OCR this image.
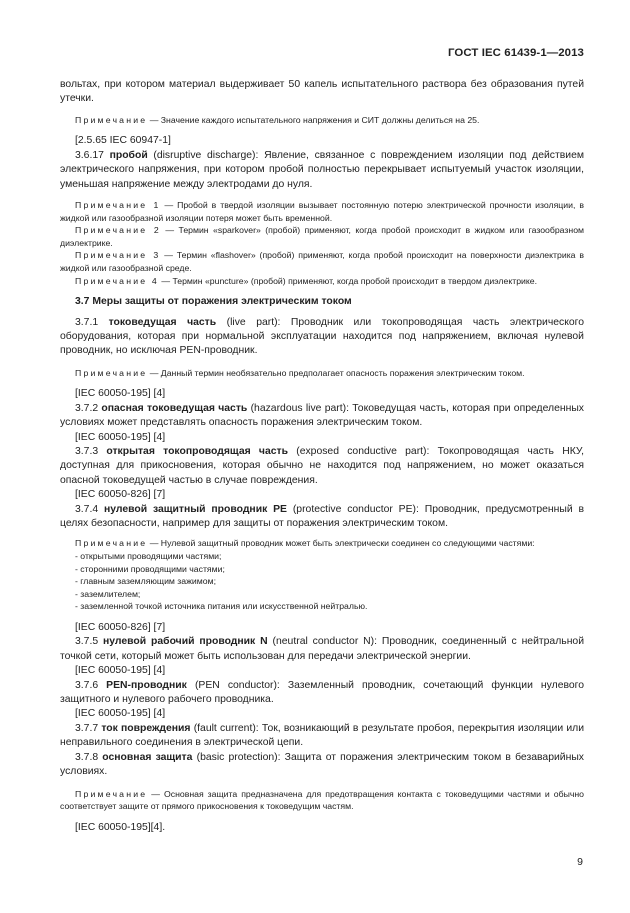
ГОСТ IEC 61439-1—2013

вольтах, при котором материал выдерживает 50 капель испытательного раствора без образования путей утечки.

Примечание — Значение каждого испытательного напряжения и СИТ должны делиться на 25.

[2.5.65 IEC 60947-1]

3.6.17 пробой (disruptive discharge): Явление, связанное с повреждением изоляции под действием электрического напряжения, при котором пробой полностью перекрывает испытуемый участок изоляции, уменьшая напряжение между электродами до нуля.

Примечание 1 — Пробой в твердой изоляции вызывает постоянную потерю электрической прочности изоляции, в жидкой или газообразной изоляции потеря может быть временной.

Примечание 2 — Термин «sparkover» (пробой) применяют, когда пробой происходит в жидком или газообразном диэлектрике.

Примечание 3 — Термин «flashover» (пробой) применяют, когда пробой происходит на поверхности диэлектрика в жидкой или газообразной среде.

Примечание 4 — Термин «puncture» (пробой) применяют, когда пробой происходит в твердом диэлектрике.

3.7 Меры защиты от поражения электрическим током

3.7.1 токоведущая часть (live part): Проводник или токопроводящая часть электрического оборудования, которая при нормальной эксплуатации находится под напряжением, включая нулевой проводник, но исключая PEN-проводник.

Примечание — Данный термин необязательно предполагает опасность поражения электрическим током.

[IEC 60050-195] [4]

3.7.2 опасная токоведущая часть (hazardous live part): Токоведущая часть, которая при определенных условиях может представлять опасность поражения электрическим током.

[IEC 60050-195] [4]

3.7.3 открытая токопроводящая часть (exposed conductive part): Токопроводящая часть НКУ, доступная для прикосновения, которая обычно не находится под напряжением, но может оказаться опасной токоведущей частью в случае повреждения.

[IEC 60050-826] [7]

3.7.4 нулевой защитный проводник PE (protective conductor PE): Проводник, предусмотренный в целях безопасности, например для защиты от поражения электрическим током.

Примечание — Нулевой защитный проводник может быть электрически соединен со следующими частями:

- открытыми проводящими частями;

- сторонними проводящими частями;

- главным заземляющим зажимом;

- заземлителем;

- заземленной точкой источника питания или искусственной нейтралью.

[IEC 60050-826] [7]

3.7.5 нулевой рабочий проводник N (neutral conductor N): Проводник, соединенный с нейтральной точкой сети, который может быть использован для передачи электрической энергии.

[IEC 60050-195] [4]

3.7.6 PEN-проводник (PEN conductor): Заземленный проводник, сочетающий функции нулевого защитного и нулевого рабочего проводника.

[IEC 60050-195] [4]

3.7.7 ток повреждения (fault current): Ток, возникающий в результате пробоя, перекрытия изоляции или неправильного соединения в электрической цепи.

3.7.8 основная защита (basic protection): Защита от поражения электрическим током в безаварийных условиях.

Примечание — Основная защита предназначена для предотвращения контакта с токоведущими частями и обычно соответствует защите от прямого прикосновения к токоведущим частям.

[IEC 60050-195][4].

9
